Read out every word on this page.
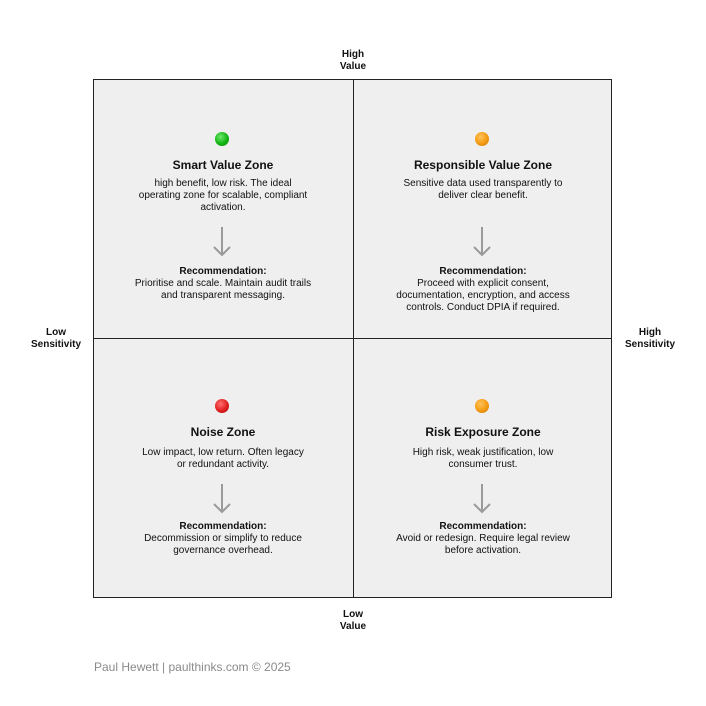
High
Value
Low
Value
Low
Sensitivity
High
Sensitivity
Smart Value Zone
high benefit, low risk. The ideal operating zone for scalable, compliant activation.
Recommendation:
Prioritise and scale. Maintain audit trails and transparent messaging.
Responsible Value Zone
Sensitive data used transparently to deliver clear benefit.
Recommendation:
Proceed with explicit consent, documentation, encryption, and access controls. Conduct DPIA if required.
Noise Zone
Low impact, low return. Often legacy or redundant activity.
Recommendation:
Decommission or simplify to reduce governance overhead.
Risk Exposure Zone
High risk, weak justification, low consumer trust.
Recommendation:
Avoid or redesign. Require legal review before activation.
Paul Hewett | paulthinks.com © 2025
